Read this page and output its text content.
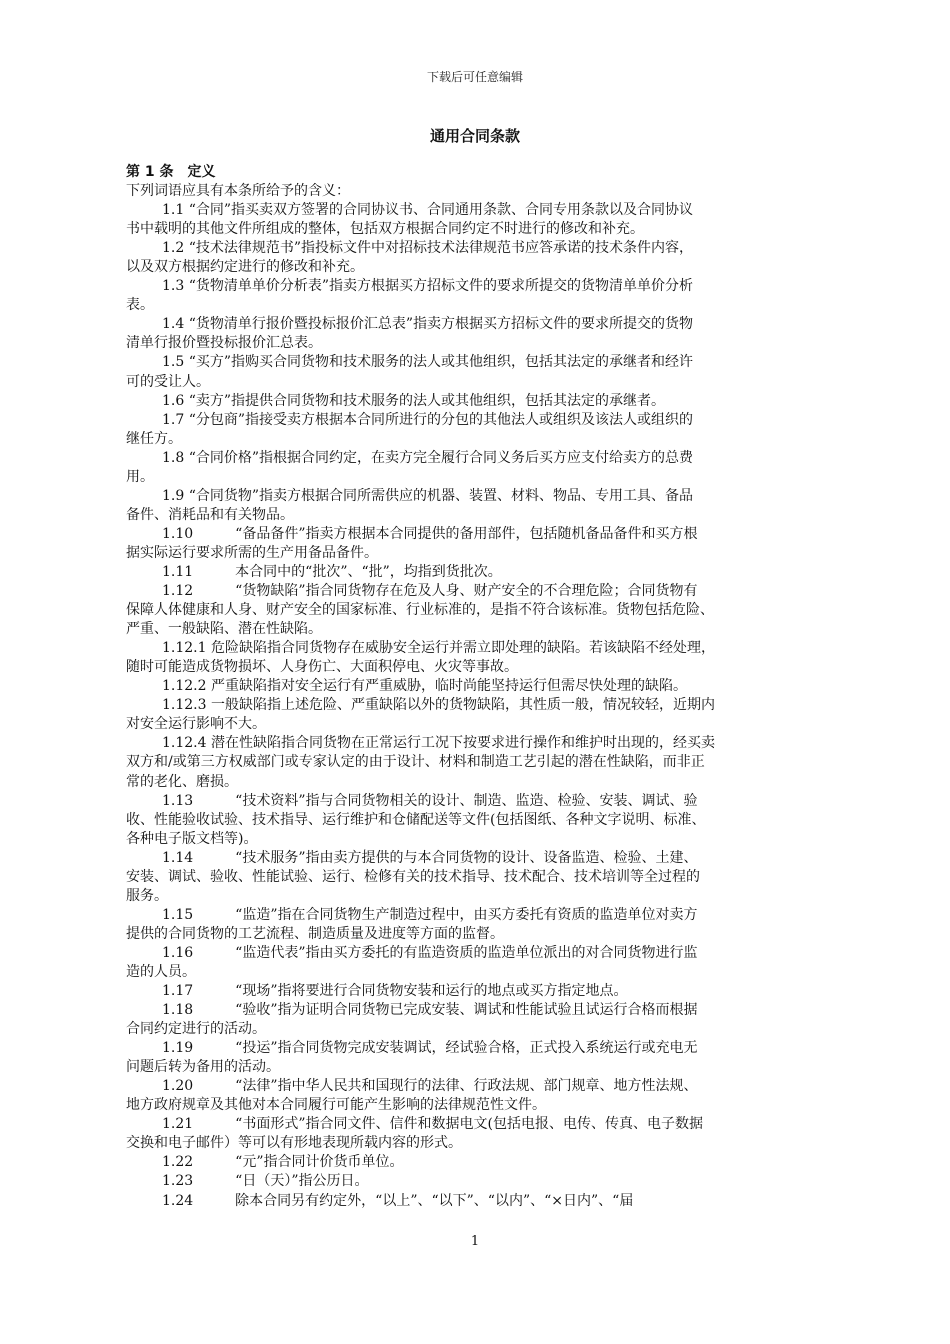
下载后可任意编辑
通用合同条款
第 1 条　定义
下列词语应具有本条所给予的含义：
1.1 “合同”指买卖双方签署的合同协议书、合同通用条款、合同专用条款以及合同协议
书中载明的其他文件所组成的整体，包括双方根据合同约定不时进行的修改和补充。
1.2 “技术法律规范书”指投标文件中对招标技术法律规范书应答承诺的技术条件内容，
以及双方根据约定进行的修改和补充。
1.3 “货物清单单价分析表”指卖方根据买方招标文件的要求所提交的货物清单单价分析
表。
1.4 “货物清单行报价暨投标报价汇总表”指卖方根据买方招标文件的要求所提交的货物
清单行报价暨投标报价汇总表。
1.5 “买方”指购买合同货物和技术服务的法人或其他组织，包括其法定的承继者和经许
可的受让人。
1.6 “卖方”指提供合同货物和技术服务的法人或其他组织，包括其法定的承继者。
1.7 “分包商”指接受卖方根据本合同所进行的分包的其他法人或组织及该法人或组织的
继任方。
1.8 “合同价格”指根据合同约定，在卖方完全履行合同义务后买方应支付给卖方的总费
用。
1.9 “合同货物”指卖方根据合同所需供应的机器、装置、材料、物品、专用工具、备品
备件、消耗品和有关物品。
1.10　　　“备品备件”指卖方根据本合同提供的备用部件，包括随机备品备件和买方根
据实际运行要求所需的生产用备品备件。
1.11　　　本合同中的“批次”、“批”，均指到货批次。
1.12　　　“货物缺陷”指合同货物存在危及人身、财产安全的不合理危险；合同货物有
保障人体健康和人身、财产安全的国家标准、行业标准的，是指不符合该标准。货物包括危险、
严重、一般缺陷、潜在性缺陷。
1.12.1 危险缺陷指合同货物存在威胁安全运行并需立即处理的缺陷。若该缺陷不经处理，
随时可能造成货物损坏、人身伤亡、大面积停电、火灾等事故。
1.12.2 严重缺陷指对安全运行有严重威胁，临时尚能坚持运行但需尽快处理的缺陷。
1.12.3 一般缺陷指上述危险、严重缺陷以外的货物缺陷，其性质一般，情况较轻，近期内
对安全运行影响不大。
1.12.4 潜在性缺陷指合同货物在正常运行工况下按要求进行操作和维护时出现的，经买卖
双方和/或第三方权威部门或专家认定的由于设计、材料和制造工艺引起的潜在性缺陷，而非正
常的老化、磨损。
1.13　　　“技术资料”指与合同货物相关的设计、制造、监造、检验、安装、调试、验
收、性能验收试验、技术指导、运行维护和仓储配送等文件(包括图纸、各种文字说明、标准、
各种电子版文档等)。
1.14　　　“技术服务”指由卖方提供的与本合同货物的设计、设备监造、检验、土建、
安装、调试、验收、性能试验、运行、检修有关的技术指导、技术配合、技术培训等全过程的
服务。
1.15　　　“监造”指在合同货物生产制造过程中，由买方委托有资质的监造单位对卖方
提供的合同货物的工艺流程、制造质量及进度等方面的监督。
1.16　　　“监造代表”指由买方委托的有监造资质的监造单位派出的对合同货物进行监
造的人员。
1.17　　　“现场”指将要进行合同货物安装和运行的地点或买方指定地点。
1.18　　　“验收”指为证明合同货物已完成安装、调试和性能试验且试运行合格而根据
合同约定进行的活动。
1.19　　　“投运”指合同货物完成安装调试，经试验合格，正式投入系统运行或充电无
问题后转为备用的活动。
1.20　　　“法律”指中华人民共和国现行的法律、行政法规、部门规章、地方性法规、
地方政府规章及其他对本合同履行可能产生影响的法律规范性文件。
1.21　　　“书面形式”指合同文件、信件和数据电文(包括电报、电传、传真、电子数据
交换和电子邮件）等可以有形地表现所载内容的形式。
1.22　　　“元”指合同计价货币单位。
1.23　　　“日（天）”指公历日。
1.24　　　除本合同另有约定外，“以上”、“以下”、“以内”、“×日内”、“届
1
